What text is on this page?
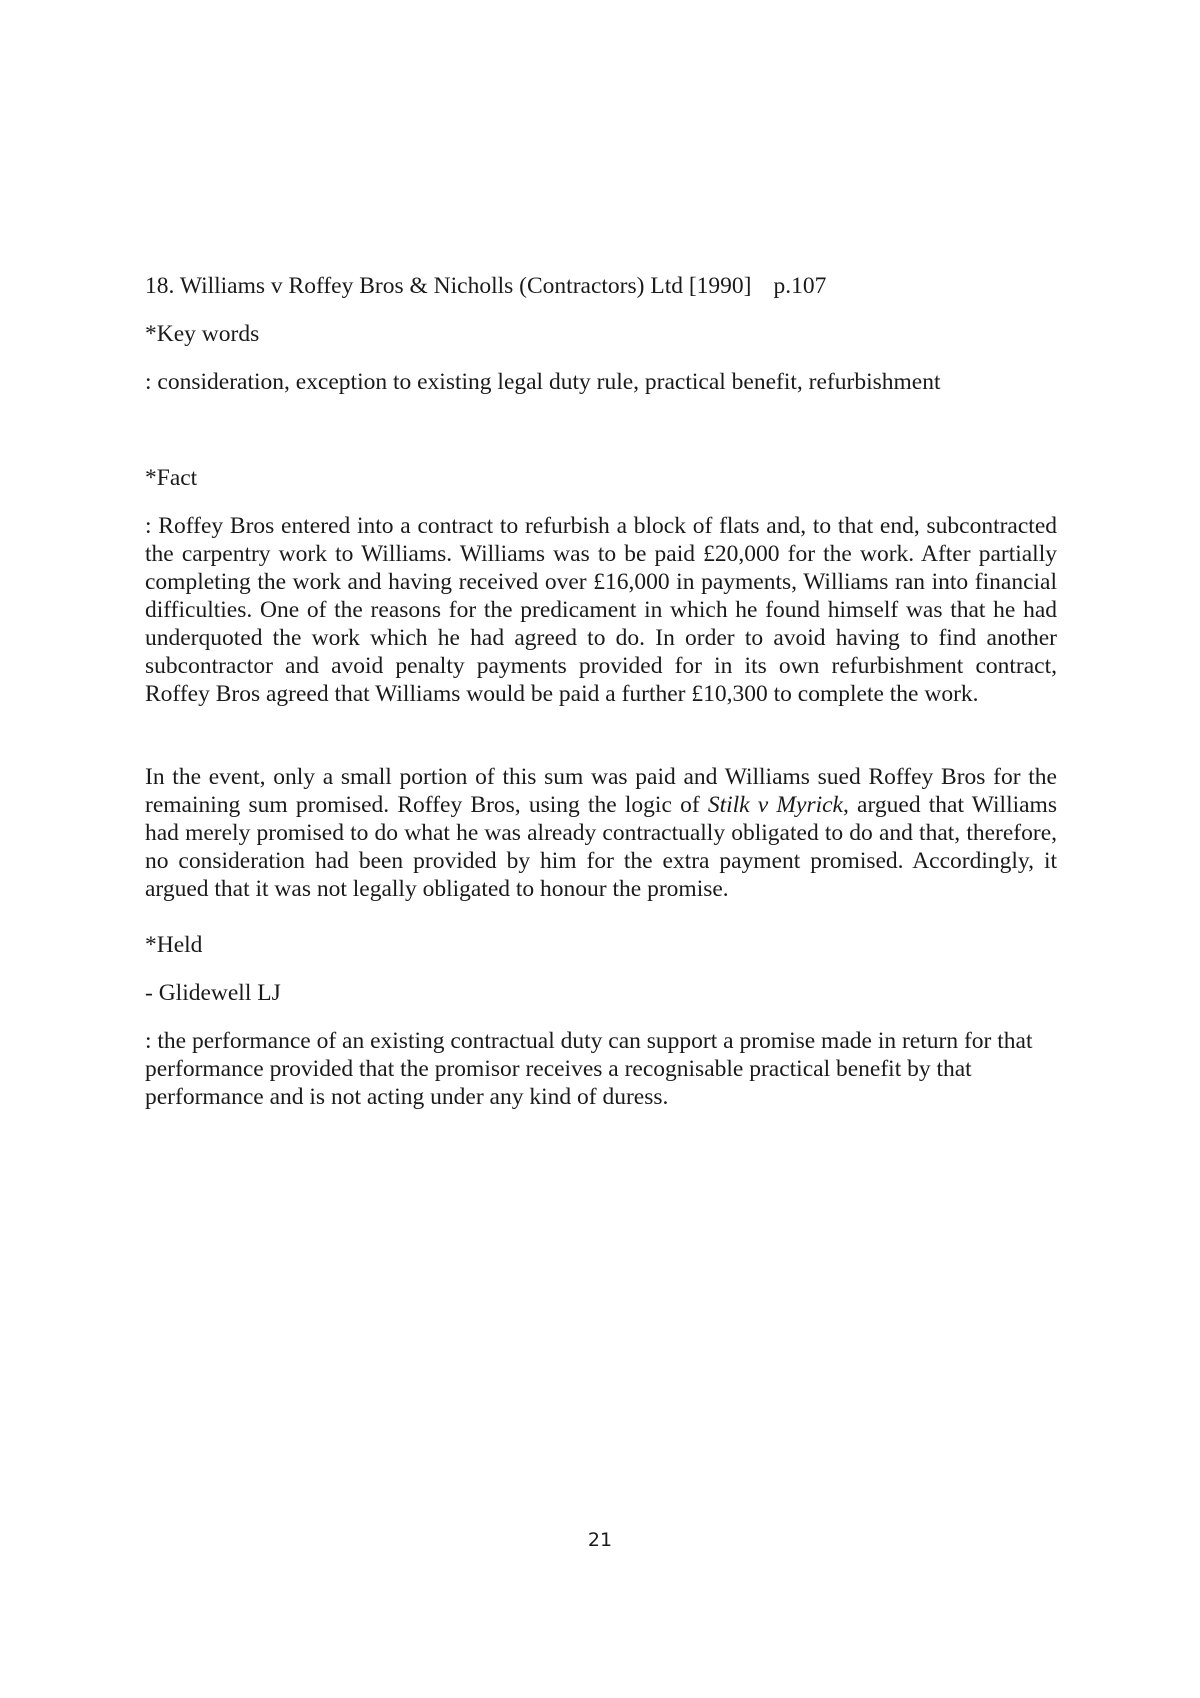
18. Williams v Roffey Bros & Nicholls (Contractors) Ltd [1990] p.107

*Key words

: consideration, exception to existing legal duty rule, practical benefit, refurbishment

*Fact

: Roffey Bros entered into a contract to refurbish a block of flats and, to that end, subcontracted the carpentry work to Williams. Williams was to be paid £20,000 for the work. After partially completing the work and having received over £16,000 in payments, Williams ran into financial difficulties. One of the reasons for the predicament in which he found himself was that he had underquoted the work which he had agreed to do. In order to avoid having to find another subcontractor and avoid penalty payments provided for in its own refurbishment contract, Roffey Bros agreed that Williams would be paid a further £10,300 to complete the work.

In the event, only a small portion of this sum was paid and Williams sued Roffey Bros for the remaining sum promised. Roffey Bros, using the logic of Stilk v Myrick, argued that Williams had merely promised to do what he was already contractually obligated to do and that, therefore, no consideration had been provided by him for the extra payment promised. Accordingly, it argued that it was not legally obligated to honour the promise.

*Held

- Glidewell LJ

: the performance of an existing contractual duty can support a promise made in return for that performance provided that the promisor receives a recognisable practical benefit by that performance and is not acting under any kind of duress.

21
